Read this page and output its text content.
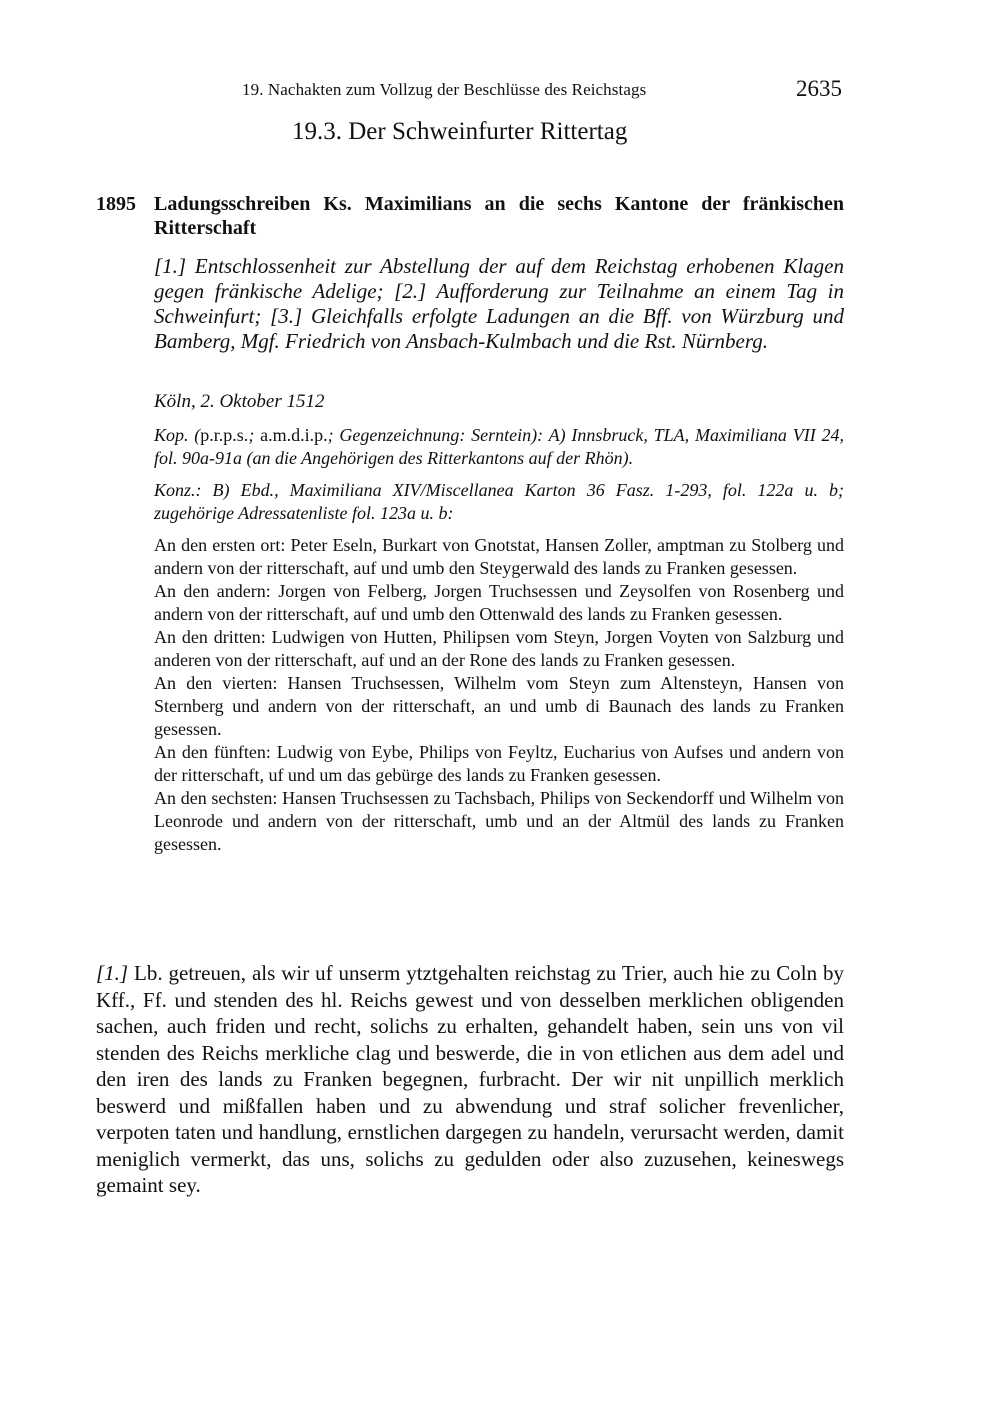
19. Nachakten zum Vollzug der Beschlüsse des Reichstags	2635
19.3. Der Schweinfurter Rittertag
1895 Ladungsschreiben Ks. Maximilians an die sechs Kantone der fränkischen Ritterschaft
[1.] Entschlossenheit zur Abstellung der auf dem Reichstag erhobenen Klagen gegen fränkische Adelige; [2.] Aufforderung zur Teilnahme an einem Tag in Schweinfurt; [3.] Gleichfalls erfolgte Ladungen an die Bff. von Würzburg und Bamberg, Mgf. Friedrich von Ansbach-Kulmbach und die Rst. Nürnberg.
Köln, 2. Oktober 1512
Kop. (p.r.p.s.; a.m.d.i.p.; Gegenzeichnung: Serntein): A) Innsbruck, TLA, Maximiliana VII 24, fol. 90a-91a (an die Angehörigen des Ritterkantons auf der Rhön).
Konz.: B) Ebd., Maximiliana XIV/Miscellanea Karton 36 Fasz. 1-293, fol. 122a u. b; zugehörige Adressatenliste fol. 123a u. b:

An den ersten ort: Peter Eseln, Burkart von Gnotstat, Hansen Zoller, amptman zu Stolberg und andern von der ritterschaft, auf und umb den Steygerwald des lands zu Franken gesessen.

An den andern: Jorgen von Felberg, Jorgen Truchsessen und Zeysolfen von Rosenberg und andern von der ritterschaft, auf und umb den Ottenwald des lands zu Franken gesessen.

An den dritten: Ludwigen von Hutten, Philipsen vom Steyn, Jorgen Voyten von Salzburg und anderen von der ritterschaft, auf und an der Rone des lands zu Franken gesessen.

An den vierten: Hansen Truchsessen, Wilhelm vom Steyn zum Altensteyn, Hansen von Sternberg und andern von der ritterschaft, an und umb di Baunach des lands zu Franken gesessen.

An den fünften: Ludwig von Eybe, Philips von Feyltz, Eucharius von Aufses und andern von der ritterschaft, uf und um das gebürge des lands zu Franken gesessen.

An den sechsten: Hansen Truchsessen zu Tachsbach, Philips von Seckendorff und Wilhelm von Leonrode und andern von der ritterschaft, umb und an der Altmül des lands zu Franken gesessen.

[1.] Lb. getreuen, als wir uf unserm ytztgehalten reichstag zu Trier, auch hie zu Coln by Kff., Ff. und stenden des hl. Reichs gewest und von desselben merklichen obligenden sachen, auch friden und recht, solichs zu erhalten, gehandelt haben, sein uns von vil stenden des Reichs merkliche clag und beswerde, die in von etlichen aus dem adel und den iren des lands zu Franken begegnen, furbracht. Der wir nit unpillich merklich beswerd und mißfallen haben und zu abwendung und straf solicher frevenlicher, verpoten taten und handlung, ernstlichen dargegen zu handeln, verursacht werden, damit meniglich vermerkt, das uns, solichs zu gedulden oder also zuzusehen, keineswegs gemaint sey.
